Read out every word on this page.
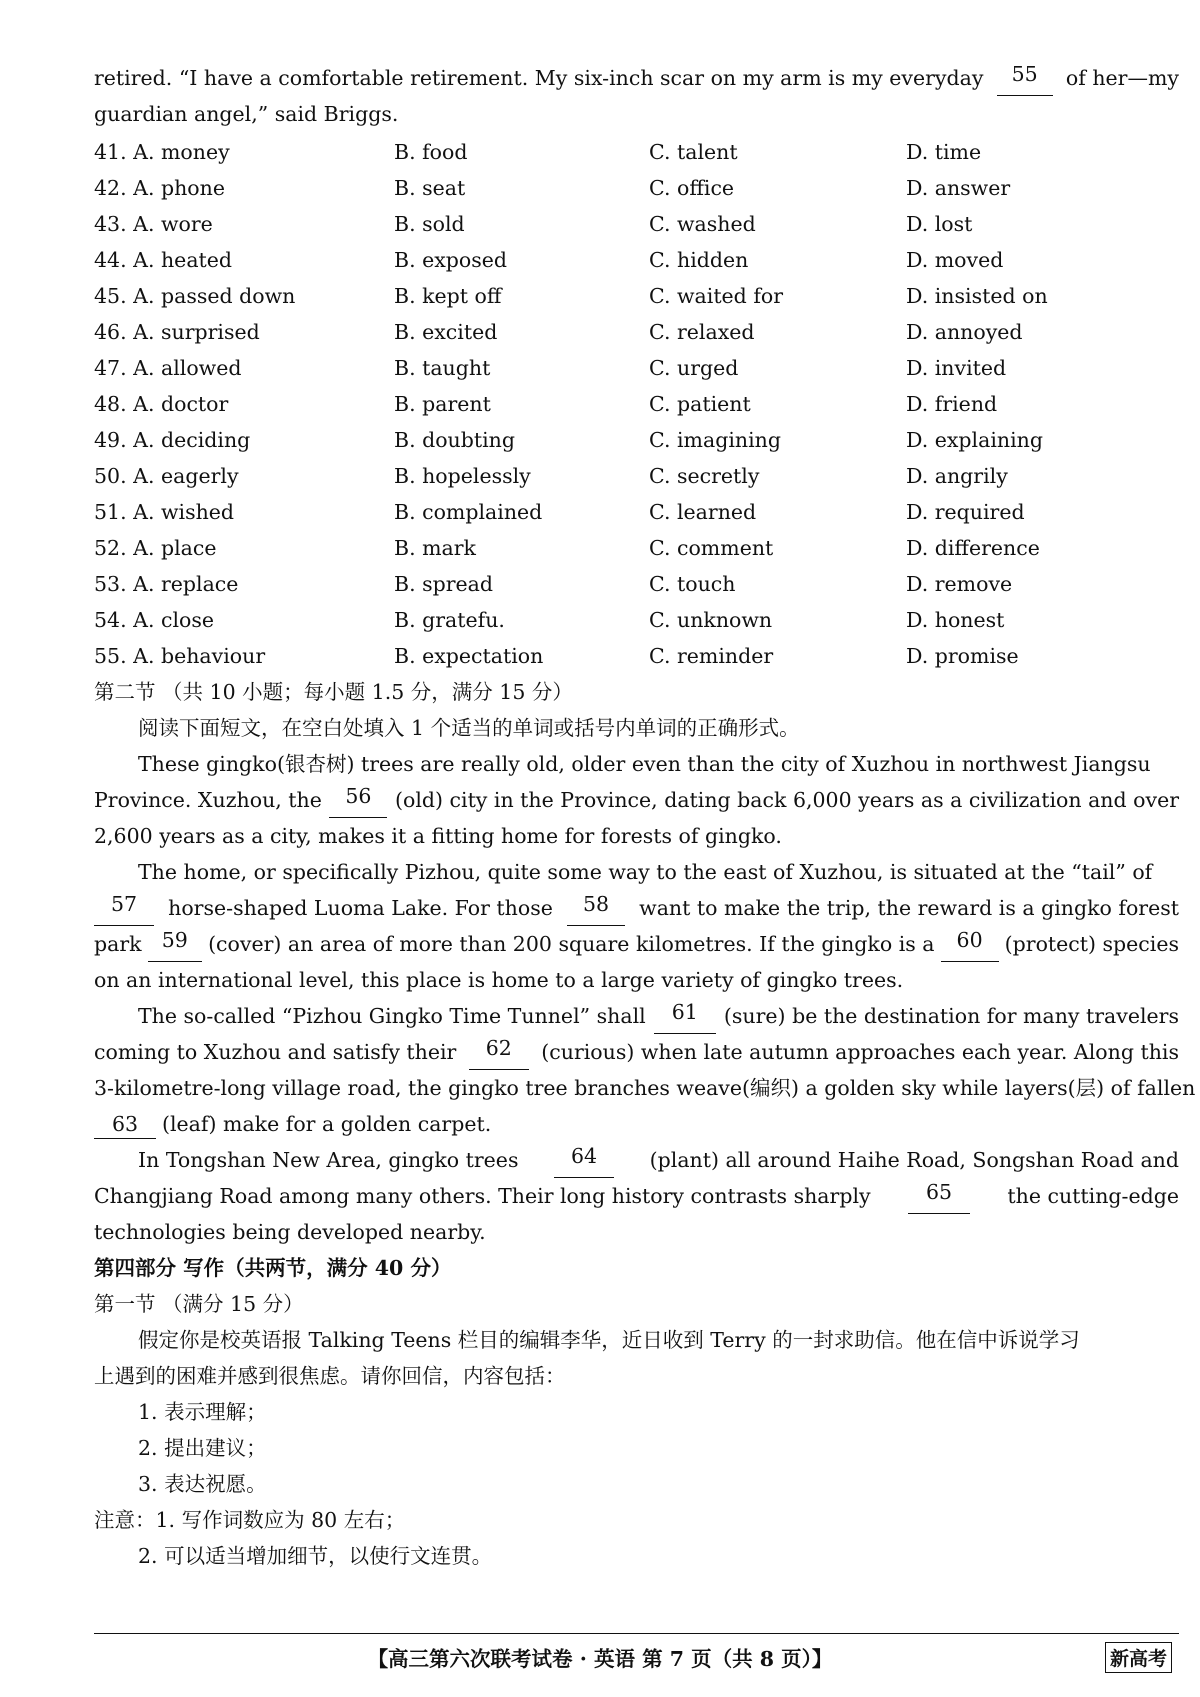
retired. “I have a comfortable retirement. My six-inch scar on my arm is my everyday	55	of her—my
guardian angel,” said Briggs.
41. A. money	B. food	C. talent	D. time
42. A. phone	B. seat	C. office	D. answer
43. A. wore	B. sold	C. washed	D. lost
44. A. heated	B. exposed	C. hidden	D. moved
45. A. passed down	B. kept off	C. waited for	D. insisted on
46. A. surprised	B. excited	C. relaxed	D. annoyed
47. A. allowed	B. taught	C. urged	D. invited
48. A. doctor	B. parent	C. patient	D. friend
49. A. deciding	B. doubting	C. imagining	D. explaining
50. A. eagerly	B. hopelessly	C. secretly	D. angrily
51. A. wished	B. complained	C. learned	D. required
52. A. place	B. mark	C. comment	D. difference
53. A. replace	B. spread	C. touch	D. remove
54. A. close	B. gratefu.	C. unknown	D. honest
55. A. behaviour	B. expectation	C. reminder	D. promise
第二节 （共 10 小题；每小题 1.5 分，满分 15 分）
阅读下面短文，在空白处填入 1 个适当的单词或括号内单词的正确形式。
These gingko(银杏树) trees are really old, older even than the city of Xuzhou in northwest Jiangsu
Province. Xuzhou, the	56	(old) city in the Province, dating back 6,000 years as a civilization and over
2,600 years as a city, makes it a fitting home for forests of gingko.
The home, or specifically Pizhou, quite some way to the east of Xuzhou, is situated at the “tail” of
57	horse-shaped Luoma Lake. For those	58	want to make the trip, the reward is a gingko forest
park 59 (cover) an area of more than 200 square kilometres. If the gingko is a	60	(protect) species
on an international level, this place is home to a large variety of gingko trees.
The so-called “Pizhou Gingko Time Tunnel” shall	61	(sure) be the destination for many travelers
coming to Xuzhou and satisfy their	62	(curious) when late autumn approaches each year. Along this
3-kilometre-long village road, the gingko tree branches weave(编织) a golden sky while layers(层) of fallen
63 (leaf) make for a golden carpet.
In Tongshan New Area, gingko trees	64	(plant) all around Haihe Road, Songshan Road and
Changjiang Road among many others. Their long history contrasts sharply	65	the cutting-edge
technologies being developed nearby.
第四部分 写作（共两节，满分 40 分）
第一节 （满分 15 分）
假定你是校英语报 Talking Teens 栏目的编辑李华，近日收到 Terry 的一封求助信。他在信中诉说学习
上遇到的困难并感到很焦虑。请你回信，内容包括：
1. 表示理解；
2. 提出建议；
3. 表达祝愿。
注意：1. 写作词数应为 80 左右；
2. 可以适当增加细节，以使行文连贯。
【高三第六次联考试卷 · 英语 第 7 页（共 8 页）】	新高考
